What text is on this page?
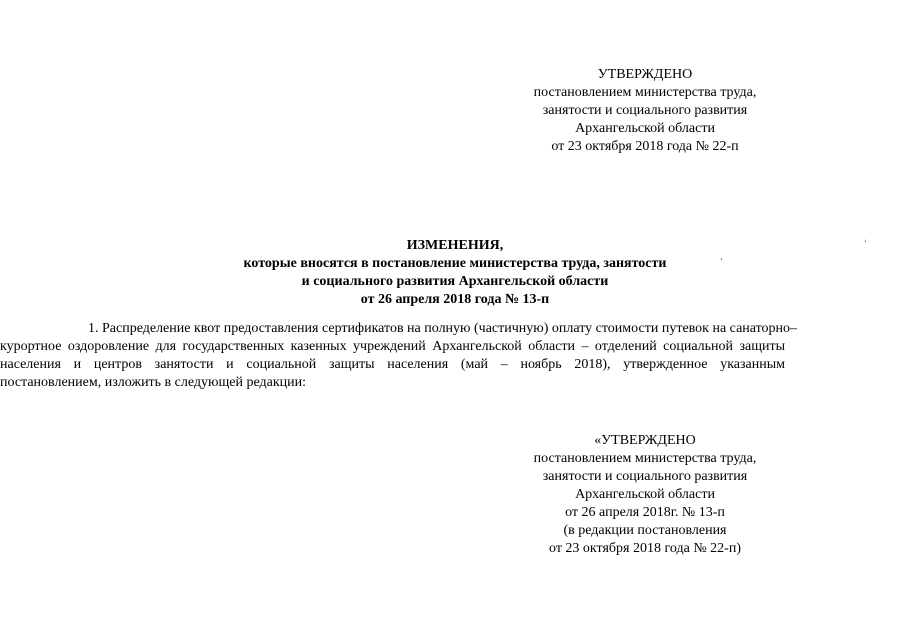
УТВЕРЖДЕНО
постановлением министерства труда,
занятости и социального развития
Архангельской области
от 23 октября 2018 года № 22-п
ИЗМЕНЕНИЯ,
которые вносятся в постановление министерства труда, занятости
и социального развития Архангельской области
от 26 апреля 2018 года № 13-п
1. Распределение квот предоставления сертификатов на полную (частичную) оплату стоимости путевок на санаторно–
курортное оздоровление для государственных казенных учреждений Архангельской области – отделений социальной защиты
населения и центров занятости и социальной защиты населения (май – ноябрь 2018), утвержденное указанным
постановлением, изложить в следующей редакции:
«УТВЕРЖДЕНО
постановлением министерства труда,
занятости и социального развития
Архангельской области
от 26 апреля 2018г. № 13-п
(в редакции постановления
от 23 октября 2018 года № 22-п)
ʻ
ʻ
